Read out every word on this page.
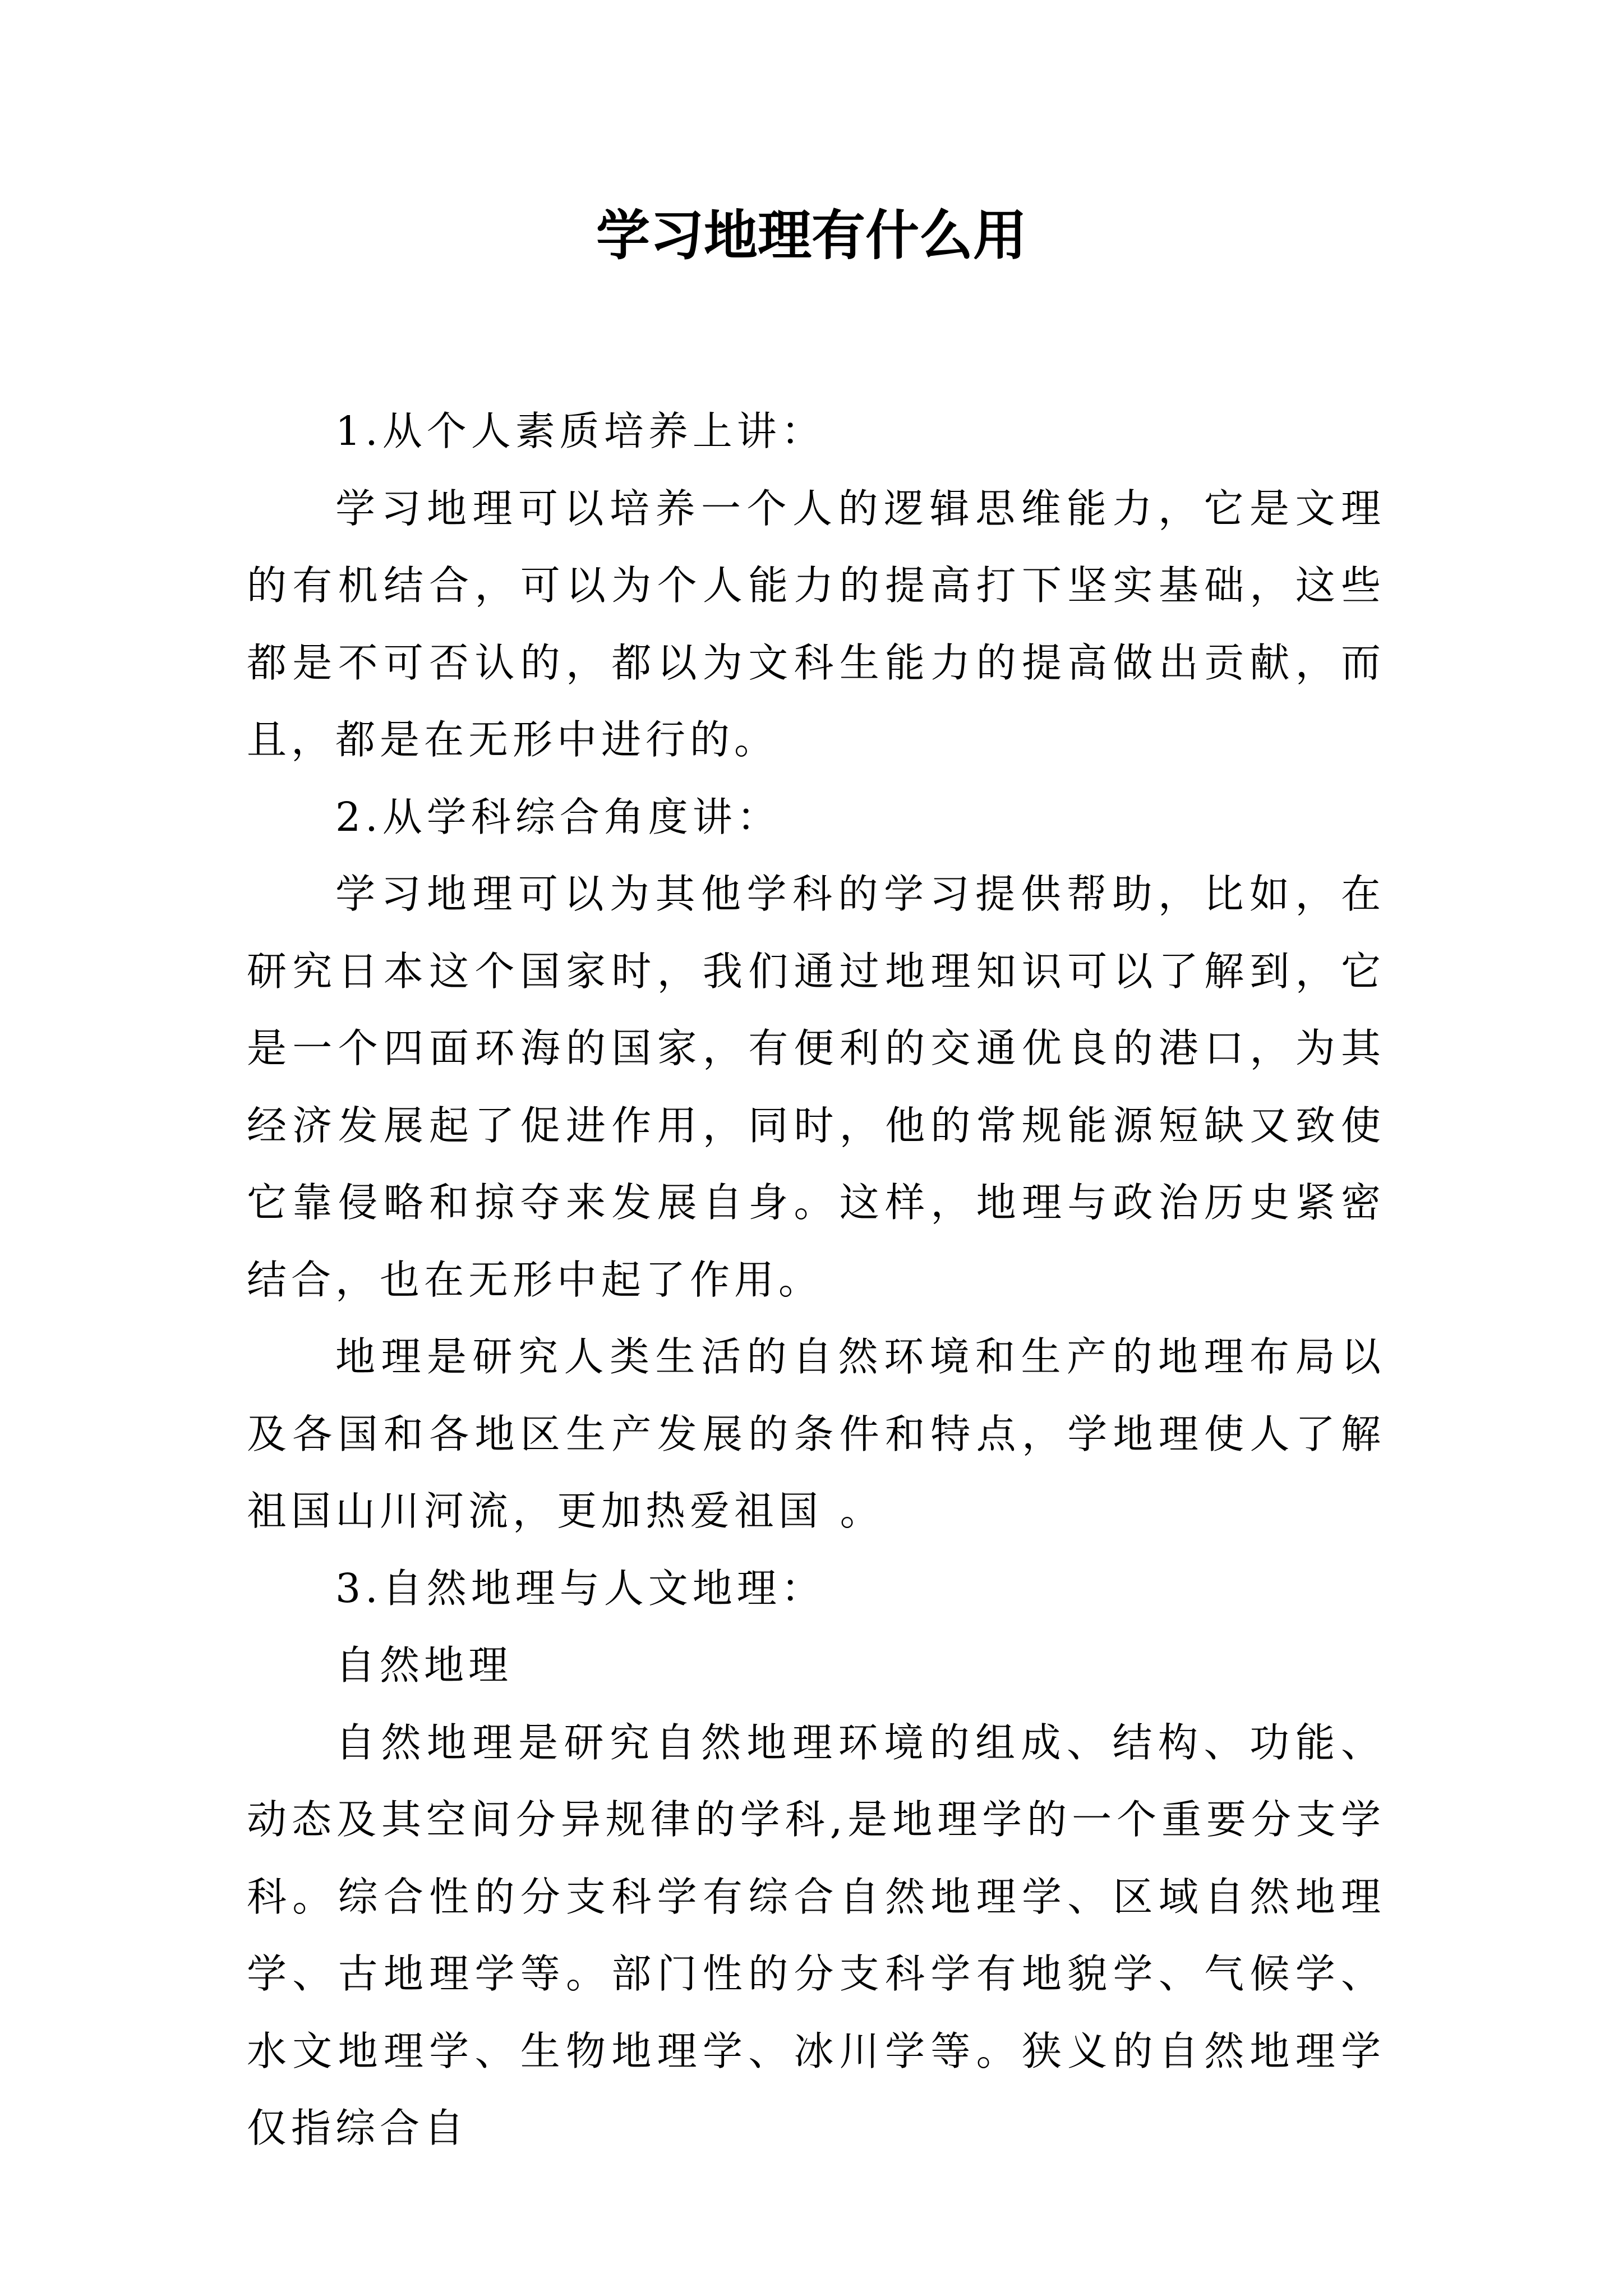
学习地理有什么用

1.从个人素质培养上讲：

学习地理可以培养一个人的逻辑思维能力，它是文理的有机结合，可以为个人能力的提高打下坚实基础，这些都是不可否认的，都以为文科生能力的提高做出贡献，而且，都是在无形中进行的。

2.从学科综合角度讲：

学习地理可以为其他学科的学习提供帮助，比如，在研究日本这个国家时，我们通过地理知识可以了解到，它是一个四面环海的国家，有便利的交通优良的港口，为其经济发展起了促进作用，同时，他的常规能源短缺又致使它靠侵略和掠夺来发展自身。这样，地理与政治历史紧密结合，也在无形中起了作用。

地理是研究人类生活的自然环境和生产的地理布局以及各国和各地区生产发展的条件和特点，学地理使人了解祖国山川河流，更加热爱祖国 。

3.自然地理与人文地理：

自然地理

自然地理是研究自然地理环境的组成、结构、功能、动态及其空间分异规律的学科,是地理学的一个重要分支学科。综合性的分支科学有综合自然地理学、区域自然地理学、古地理学等。部门性的分支科学有地貌学、气候学、水文地理学、生物地理学、冰川学等。狭义的自然地理学仅指综合自
